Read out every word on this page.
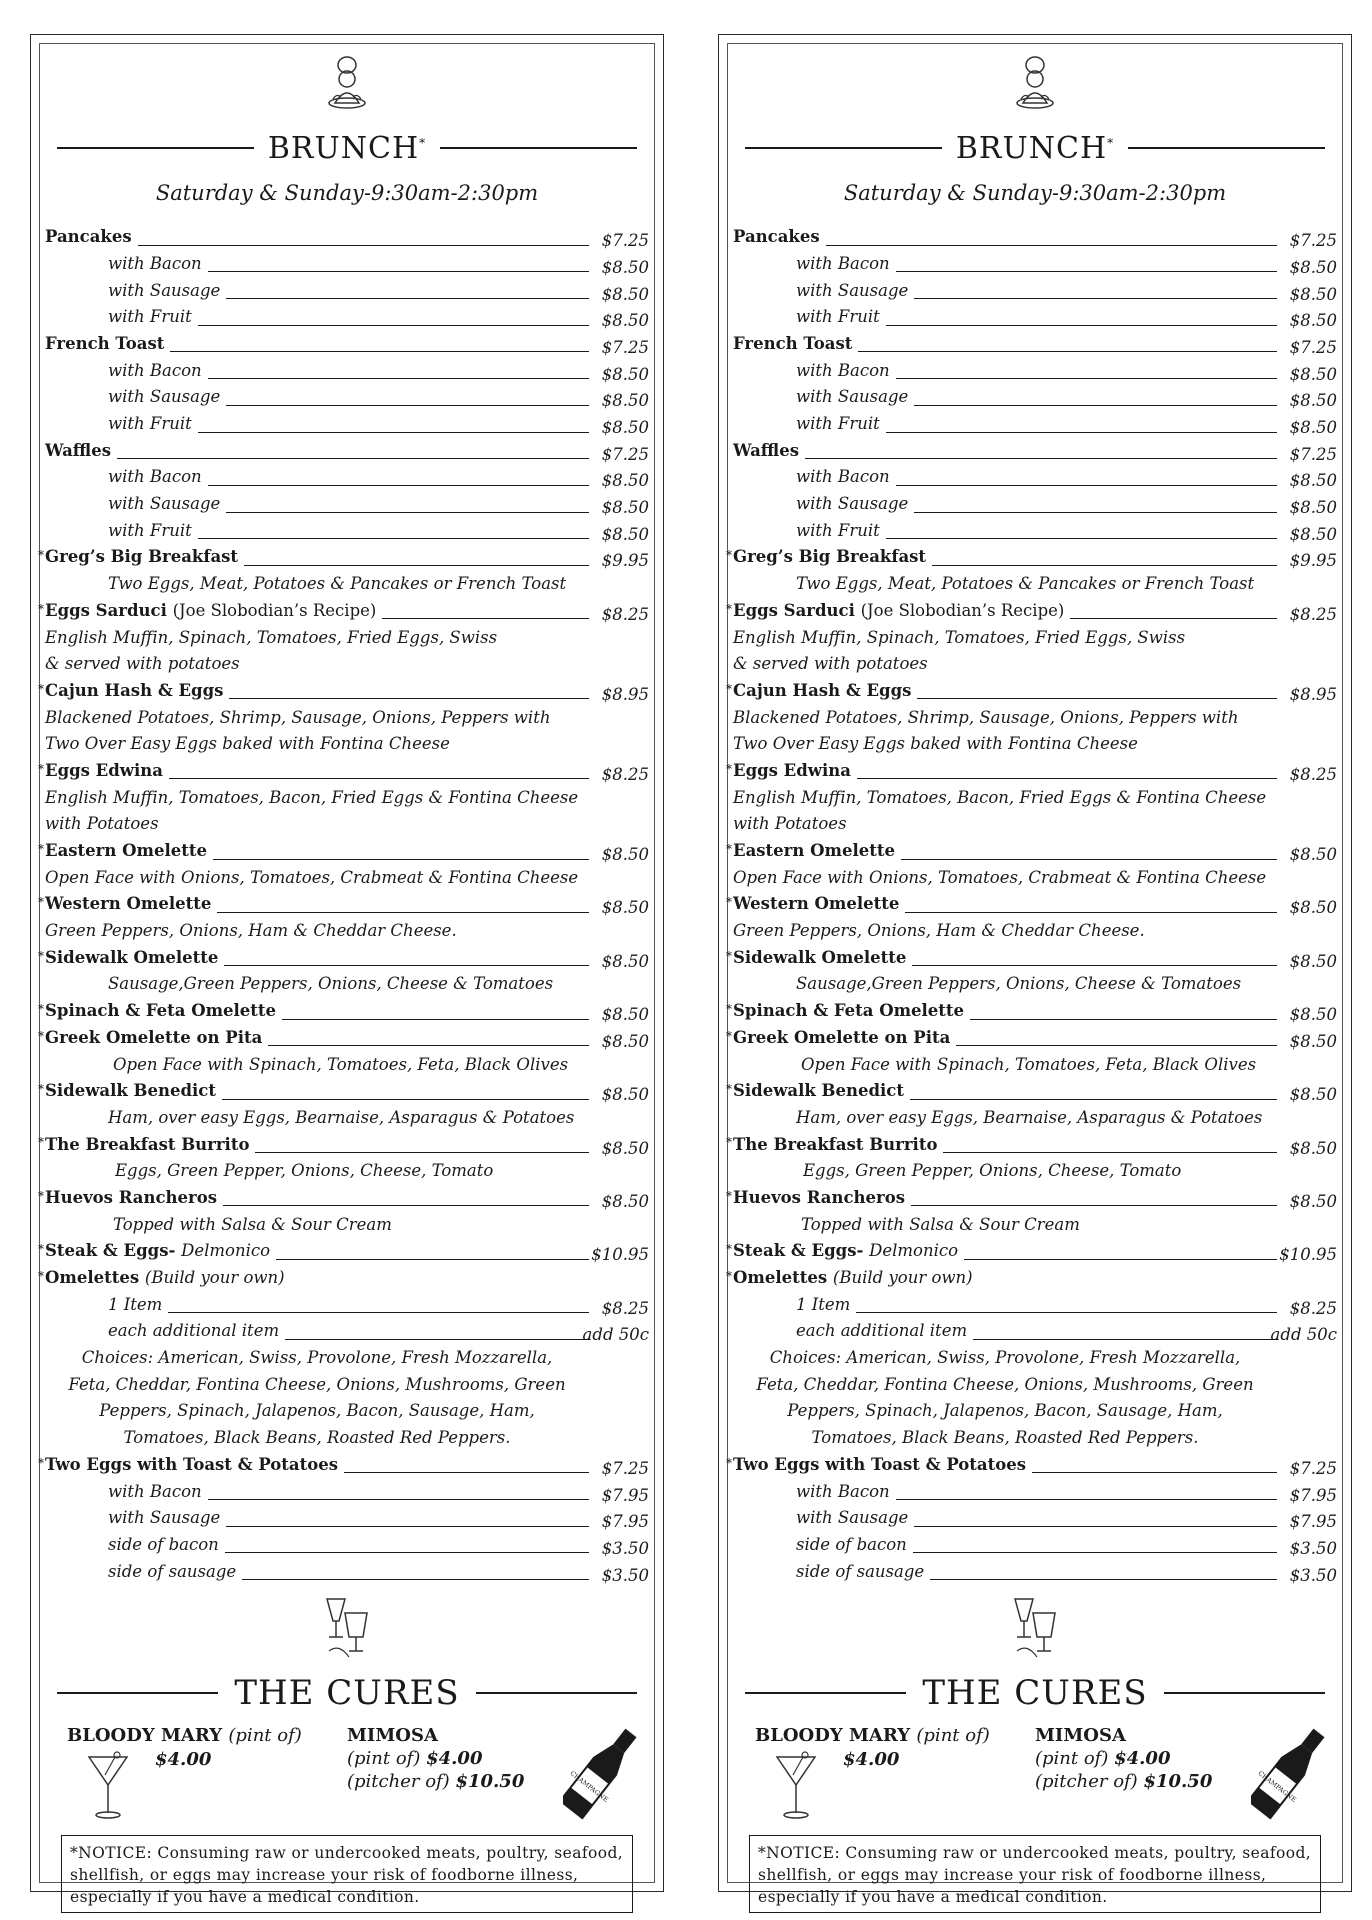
BRUNCH*
Saturday & Sunday-9:30am-2:30pm
Pancakes	$7.25
with Bacon	$8.50
with Sausage	$8.50
with Fruit	$8.50
French Toast	$7.25
with Bacon	$8.50
with Sausage	$8.50
with Fruit	$8.50
Waffles	$7.25
with Bacon	$8.50
with Sausage	$8.50
with Fruit	$8.50
* Greg’s Big Breakfast	$9.95
Two Eggs, Meat, Potatoes & Pancakes or French Toast
* Eggs Sarduci (Joe Slobodian’s Recipe)	$8.25
English Muffin, Spinach, Tomatoes, Fried Eggs, Swiss
& served with potatoes
* Cajun Hash & Eggs	$8.95
Blackened Potatoes, Shrimp, Sausage, Onions, Peppers with
Two Over Easy Eggs baked with Fontina Cheese
* Eggs Edwina	$8.25
English Muffin, Tomatoes, Bacon, Fried Eggs & Fontina Cheese
with Potatoes
* Eastern Omelette	$8.50
Open Face with Onions, Tomatoes, Crabmeat & Fontina Cheese
* Western Omelette	$8.50
Green Peppers, Onions, Ham & Cheddar Cheese.
* Sidewalk Omelette	$8.50
Sausage,Green Peppers, Onions, Cheese & Tomatoes
* Spinach & Feta Omelette	$8.50
* Greek Omelette on Pita	$8.50
Open Face with Spinach, Tomatoes, Feta, Black Olives
* Sidewalk Benedict	$8.50
Ham, over easy Eggs, Bearnaise, Asparagus & Potatoes
* The Breakfast Burrito	$8.50
Eggs, Green Pepper, Onions, Cheese, Tomato
* Huevos Rancheros	$8.50
Topped with Salsa & Sour Cream
* Steak & Eggs- Delmonico	$10.95
* Omelettes (Build your own)
1 Item	$8.25
each additional item	add 50c
Choices: American, Swiss, Provolone, Fresh Mozzarella,
Feta, Cheddar, Fontina Cheese, Onions, Mushrooms, Green
Peppers, Spinach, Jalapenos, Bacon, Sausage, Ham,
Tomatoes, Black Beans, Roasted Red Peppers.
* Two Eggs with Toast & Potatoes	$7.25
with Bacon	$7.95
with Sausage	$7.95
side of bacon	$3.50
side of sausage	$3.50
THE CURES
BLOODY MARY (pint of)
$4.00
MIMOSA
(pint of) $4.00
(pitcher of) $10.50	CHAMPAGNE
*NOTICE: Consuming raw or undercooked meats, poultry, seafood, shellfish, or eggs may increase your risk of foodborne illness, especially if you have a medical condition.
BRUNCH*
Saturday & Sunday-9:30am-2:30pm
Pancakes	$7.25
with Bacon	$8.50
with Sausage	$8.50
with Fruit	$8.50
French Toast	$7.25
with Bacon	$8.50
with Sausage	$8.50
with Fruit	$8.50
Waffles	$7.25
with Bacon	$8.50
with Sausage	$8.50
with Fruit	$8.50
* Greg’s Big Breakfast	$9.95
Two Eggs, Meat, Potatoes & Pancakes or French Toast
* Eggs Sarduci (Joe Slobodian’s Recipe)	$8.25
English Muffin, Spinach, Tomatoes, Fried Eggs, Swiss
& served with potatoes
* Cajun Hash & Eggs	$8.95
Blackened Potatoes, Shrimp, Sausage, Onions, Peppers with
Two Over Easy Eggs baked with Fontina Cheese
* Eggs Edwina	$8.25
English Muffin, Tomatoes, Bacon, Fried Eggs & Fontina Cheese
with Potatoes
* Eastern Omelette	$8.50
Open Face with Onions, Tomatoes, Crabmeat & Fontina Cheese
* Western Omelette	$8.50
Green Peppers, Onions, Ham & Cheddar Cheese.
* Sidewalk Omelette	$8.50
Sausage,Green Peppers, Onions, Cheese & Tomatoes
* Spinach & Feta Omelette	$8.50
* Greek Omelette on Pita	$8.50
Open Face with Spinach, Tomatoes, Feta, Black Olives
* Sidewalk Benedict	$8.50
Ham, over easy Eggs, Bearnaise, Asparagus & Potatoes
* The Breakfast Burrito	$8.50
Eggs, Green Pepper, Onions, Cheese, Tomato
* Huevos Rancheros	$8.50
Topped with Salsa & Sour Cream
* Steak & Eggs- Delmonico	$10.95
* Omelettes (Build your own)
1 Item	$8.25
each additional item	add 50c
Choices: American, Swiss, Provolone, Fresh Mozzarella,
Feta, Cheddar, Fontina Cheese, Onions, Mushrooms, Green
Peppers, Spinach, Jalapenos, Bacon, Sausage, Ham,
Tomatoes, Black Beans, Roasted Red Peppers.
* Two Eggs with Toast & Potatoes	$7.25
with Bacon	$7.95
with Sausage	$7.95
side of bacon	$3.50
side of sausage	$3.50
THE CURES
BLOODY MARY (pint of)
$4.00
MIMOSA
(pint of) $4.00
(pitcher of) $10.50	CHAMPAGNE
*NOTICE: Consuming raw or undercooked meats, poultry, seafood, shellfish, or eggs may increase your risk of foodborne illness, especially if you have a medical condition.
